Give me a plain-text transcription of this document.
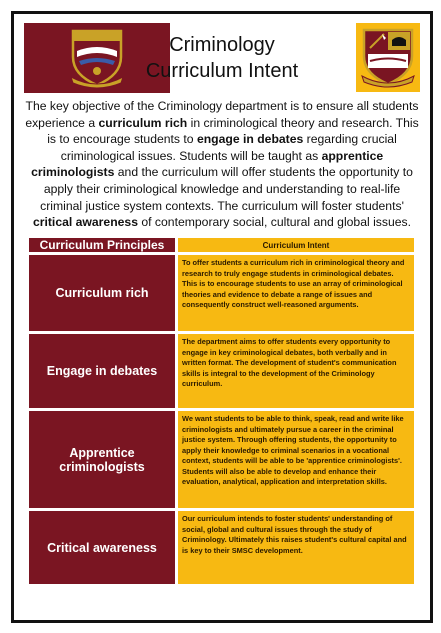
Criminology
Curriculum Intent
The key objective of the Criminology department is to ensure all students experience a curriculum rich in criminological theory and research. This is to encourage students to engage in debates regarding crucial criminological issues. Students will be taught as apprentice criminologists and the curriculum will offer students the opportunity to apply their criminological knowledge and understanding to real-life criminal justice system contexts. The curriculum will foster students' critical awareness of contemporary social, cultural and global issues.
Curriculum Principles	Curriculum Intent
Curriculum rich	To offer students a curriculum rich in criminological theory and research to truly engage students in criminological debates. This is to encourage students to use an array of criminological theories and evidence to debate a range of issues and consequently construct well-reasoned arguments.
Engage in debates	The department aims to offer students every opportunity to engage in key criminological debates, both verbally and in written format. The development of student's communication skills is integral to the development of the Criminology curriculum.
Apprentice criminologists	We want students to be able to think, speak, read and write like criminologists and ultimately pursue a career in the criminal justice system. Through offering students, the opportunity to apply their knowledge to criminal scenarios in a vocational context, students will be able to be 'apprentice criminologists'. Students will also be able to develop and enhance their evaluation, analytical, application and interpretation skills.
Critical awareness	Our curriculum intends to foster students' understanding of social, global and cultural issues through the study of Criminology. Ultimately this raises student's cultural capital and is key to their SMSC development.
